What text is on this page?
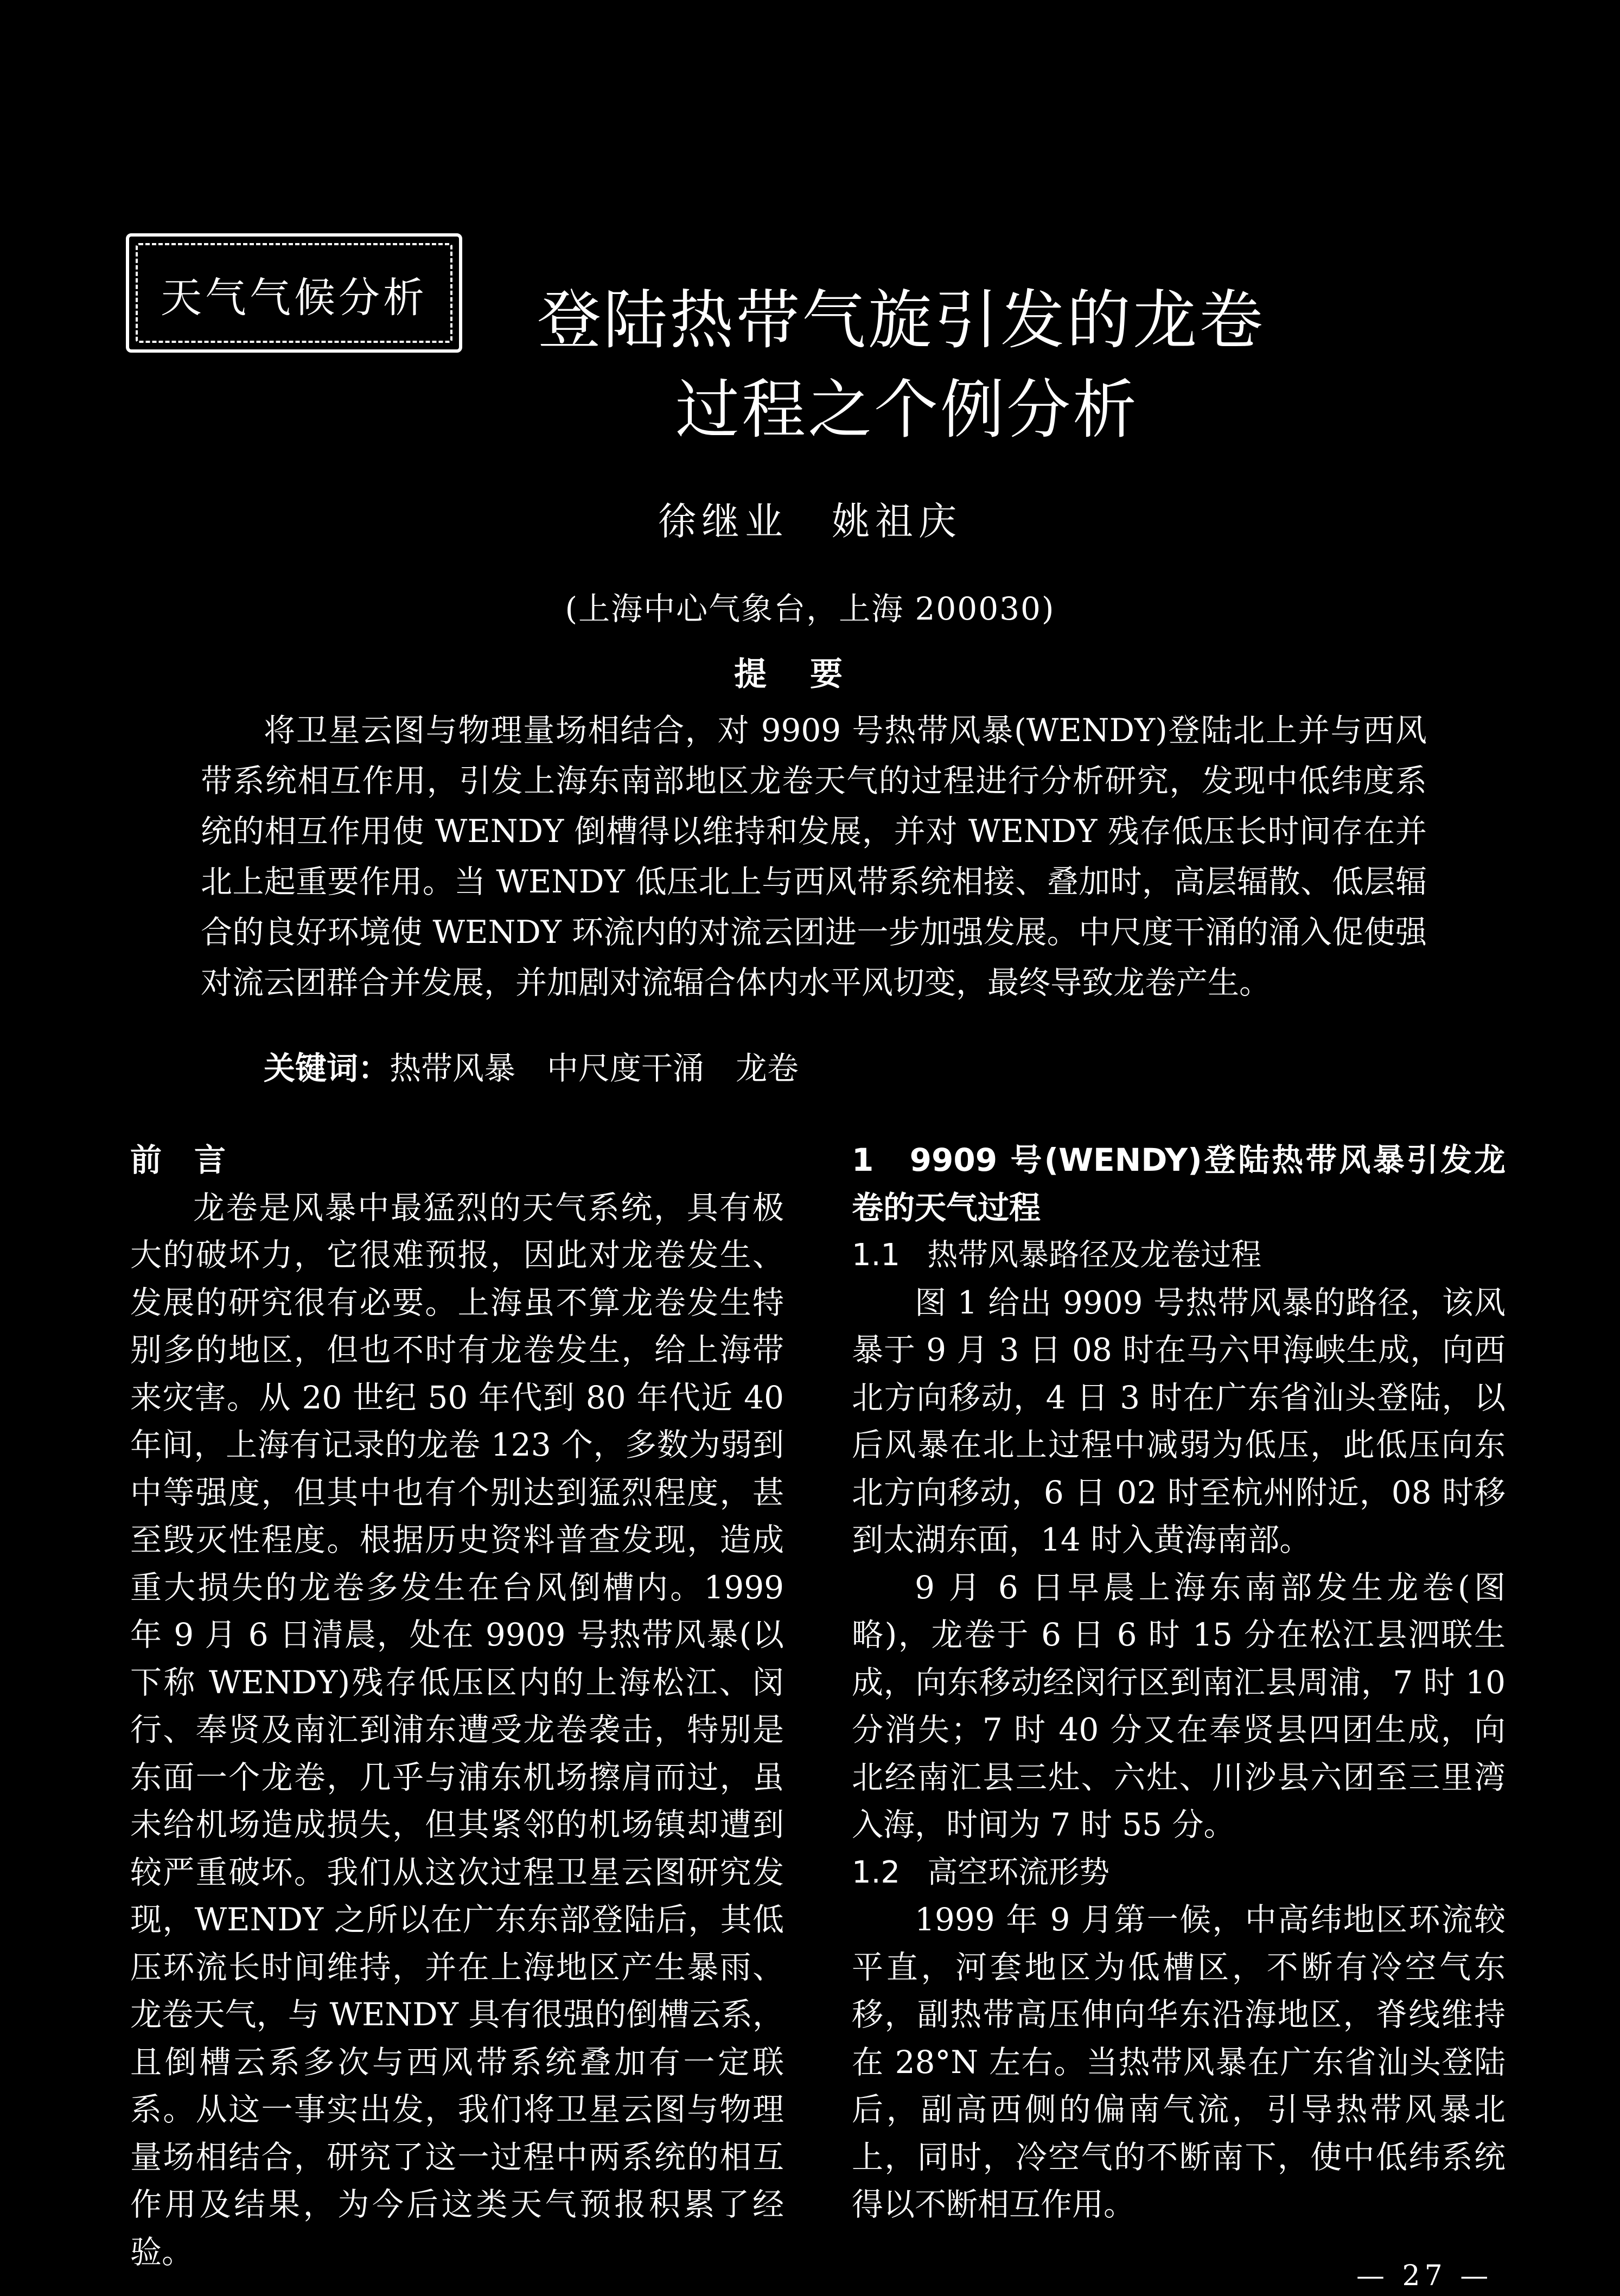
天气气候分析	登陆热带气旋引发的龙卷
过程之个例分析
徐继业　姚祖庆
(上海中心气象台，上海 200030)
提要
将卫星云图与物理量场相结合，对 9909 号热带风暴(WENDY)登陆北上并与西风带系统相互作用，引发上海东南部地区龙卷天气的过程进行分析研究，发现中低纬度系统的相互作用使 WENDY 倒槽得以维持和发展，并对 WENDY 残存低压长时间存在并北上起重要作用。当 WENDY 低压北上与西风带系统相接、叠加时，高层辐散、低层辐合的良好环境使 WENDY 环流内的对流云团进一步加强发展。中尺度干涌的涌入促使强对流云团群合并发展，并加剧对流辐合体内水平风切变，最终导致龙卷产生。
关键词：热带风暴　中尺度干涌　龙卷
前言

龙卷是风暴中最猛烈的天气系统，具有极大的破坏力，它很难预报，因此对龙卷发生、发展的研究很有必要。上海虽不算龙卷发生特别多的地区，但也不时有龙卷发生，给上海带来灾害。从 20 世纪 50 年代到 80 年代近 40 年间，上海有记录的龙卷 123 个，多数为弱到中等强度，但其中也有个别达到猛烈程度，甚至毁灭性程度。根据历史资料普查发现，造成重大损失的龙卷多发生在台风倒槽内。1999 年 9 月 6 日清晨，处在 9909 号热带风暴(以下称 WENDY)残存低压区内的上海松江、闵行、奉贤及南汇到浦东遭受龙卷袭击，特别是东面一个龙卷，几乎与浦东机场擦肩而过，虽未给机场造成损失，但其紧邻的机场镇却遭到较严重破坏。我们从这次过程卫星云图研究发现，WENDY 之所以在广东东部登陆后，其低压环流长时间维持，并在上海地区产生暴雨、龙卷天气，与 WENDY 具有很强的倒槽云系，且倒槽云系多次与西风带系统叠加有一定联系。从这一事实出发，我们将卫星云图与物理量场相结合，研究了这一过程中两系统的相互作用及结果，为今后这类天气预报积累了经验。

1　9909 号(WENDY)登陆热带风暴引发龙卷的天气过程
1.1 热带风暴路径及龙卷过程

图 1 给出 9909 号热带风暴的路径，该风暴于 9 月 3 日 08 时在马六甲海峡生成，向西北方向移动，4 日 3 时在广东省汕头登陆，以后风暴在北上过程中减弱为低压，此低压向东北方向移动，6 日 02 时至杭州附近，08 时移到太湖东面，14 时入黄海南部。

9 月 6 日早晨上海东南部发生龙卷(图略)，龙卷于 6 日 6 时 15 分在松江县泗联生成，向东移动经闵行区到南汇县周浦，7 时 10 分消失；7 时 40 分又在奉贤县四团生成，向北经南汇县三灶、六灶、川沙县六团至三里湾入海，时间为 7 时 55 分。

1.2 高空环流形势

1999 年 9 月第一候，中高纬地区环流较平直，河套地区为低槽区，不断有冷空气东移，副热带高压伸向华东沿海地区，脊线维持在 28°N 左右。当热带风暴在广东省汕头登陆后，副高西侧的偏南气流，引导热带风暴北上，同时，冷空气的不断南下，使中低纬系统得以不断相互作用。

— 27 —
